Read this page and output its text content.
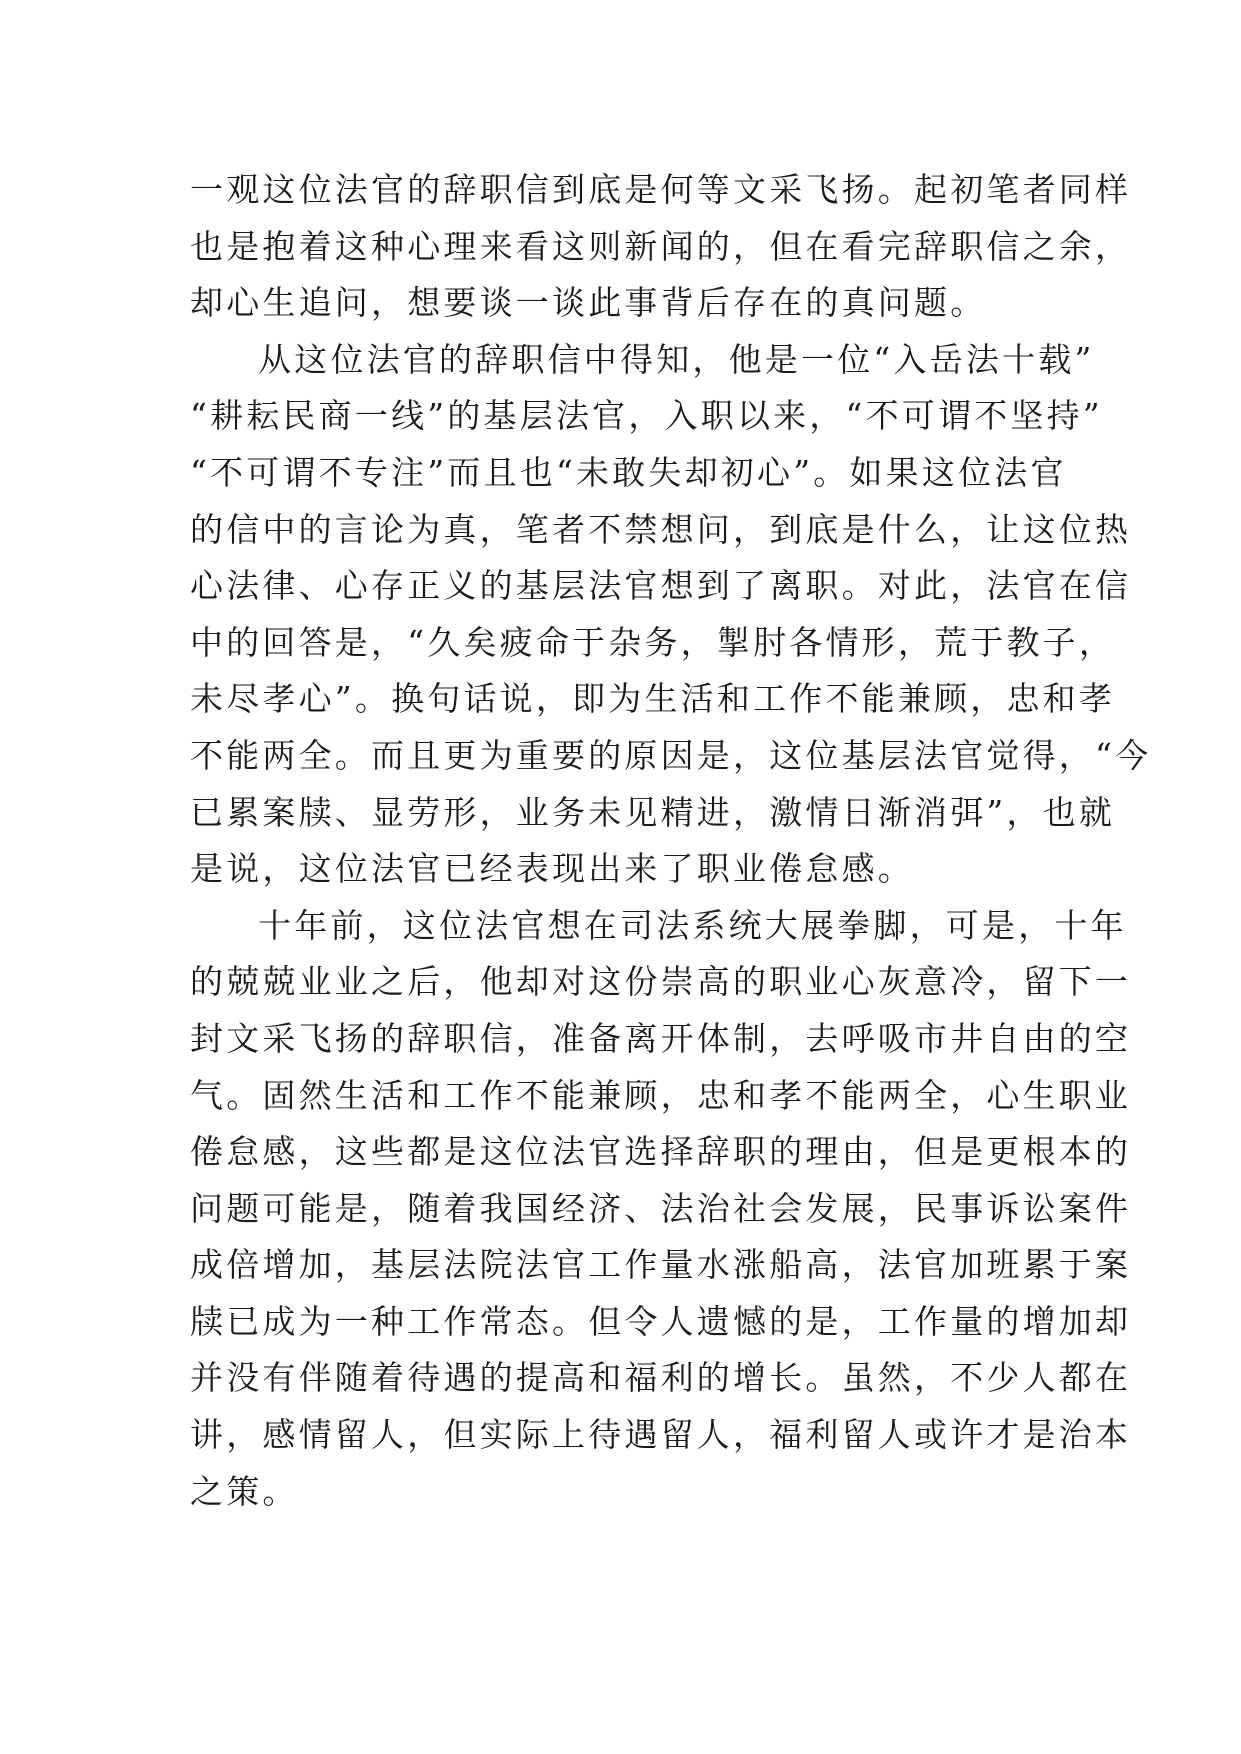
一观这位法官的辞职信到底是何等文采飞扬。起初笔者同样
也是抱着这种心理来看这则新闻的，但在看完辞职信之余，
却心生追问，想要谈一谈此事背后存在的真问题。
从这位法官的辞职信中得知，他是一位“入岳法十载”
“耕耘民商一线”的基层法官，入职以来，“不可谓不坚持”
“不可谓不专注”而且也“未敢失却初心”。如果这位法官
的信中的言论为真，笔者不禁想问，到底是什么，让这位热
心法律、心存正义的基层法官想到了离职。对此，法官在信
中的回答是，“久矣疲命于杂务，掣肘各情形，荒于教子，
未尽孝心”。换句话说，即为生活和工作不能兼顾，忠和孝
不能两全。而且更为重要的原因是，这位基层法官觉得，“今
已累案牍、显劳形，业务未见精进，激情日渐消弭”，也就
是说，这位法官已经表现出来了职业倦怠感。
十年前，这位法官想在司法系统大展拳脚，可是，十年
的兢兢业业之后，他却对这份崇高的职业心灰意冷，留下一
封文采飞扬的辞职信，准备离开体制，去呼吸市井自由的空
气。固然生活和工作不能兼顾，忠和孝不能两全，心生职业
倦怠感，这些都是这位法官选择辞职的理由，但是更根本的
问题可能是，随着我国经济、法治社会发展，民事诉讼案件
成倍增加，基层法院法官工作量水涨船高，法官加班累于案
牍已成为一种工作常态。但令人遗憾的是，工作量的增加却
并没有伴随着待遇的提高和福利的增长。虽然，不少人都在
讲，感情留人，但实际上待遇留人，福利留人或许才是治本
之策。
